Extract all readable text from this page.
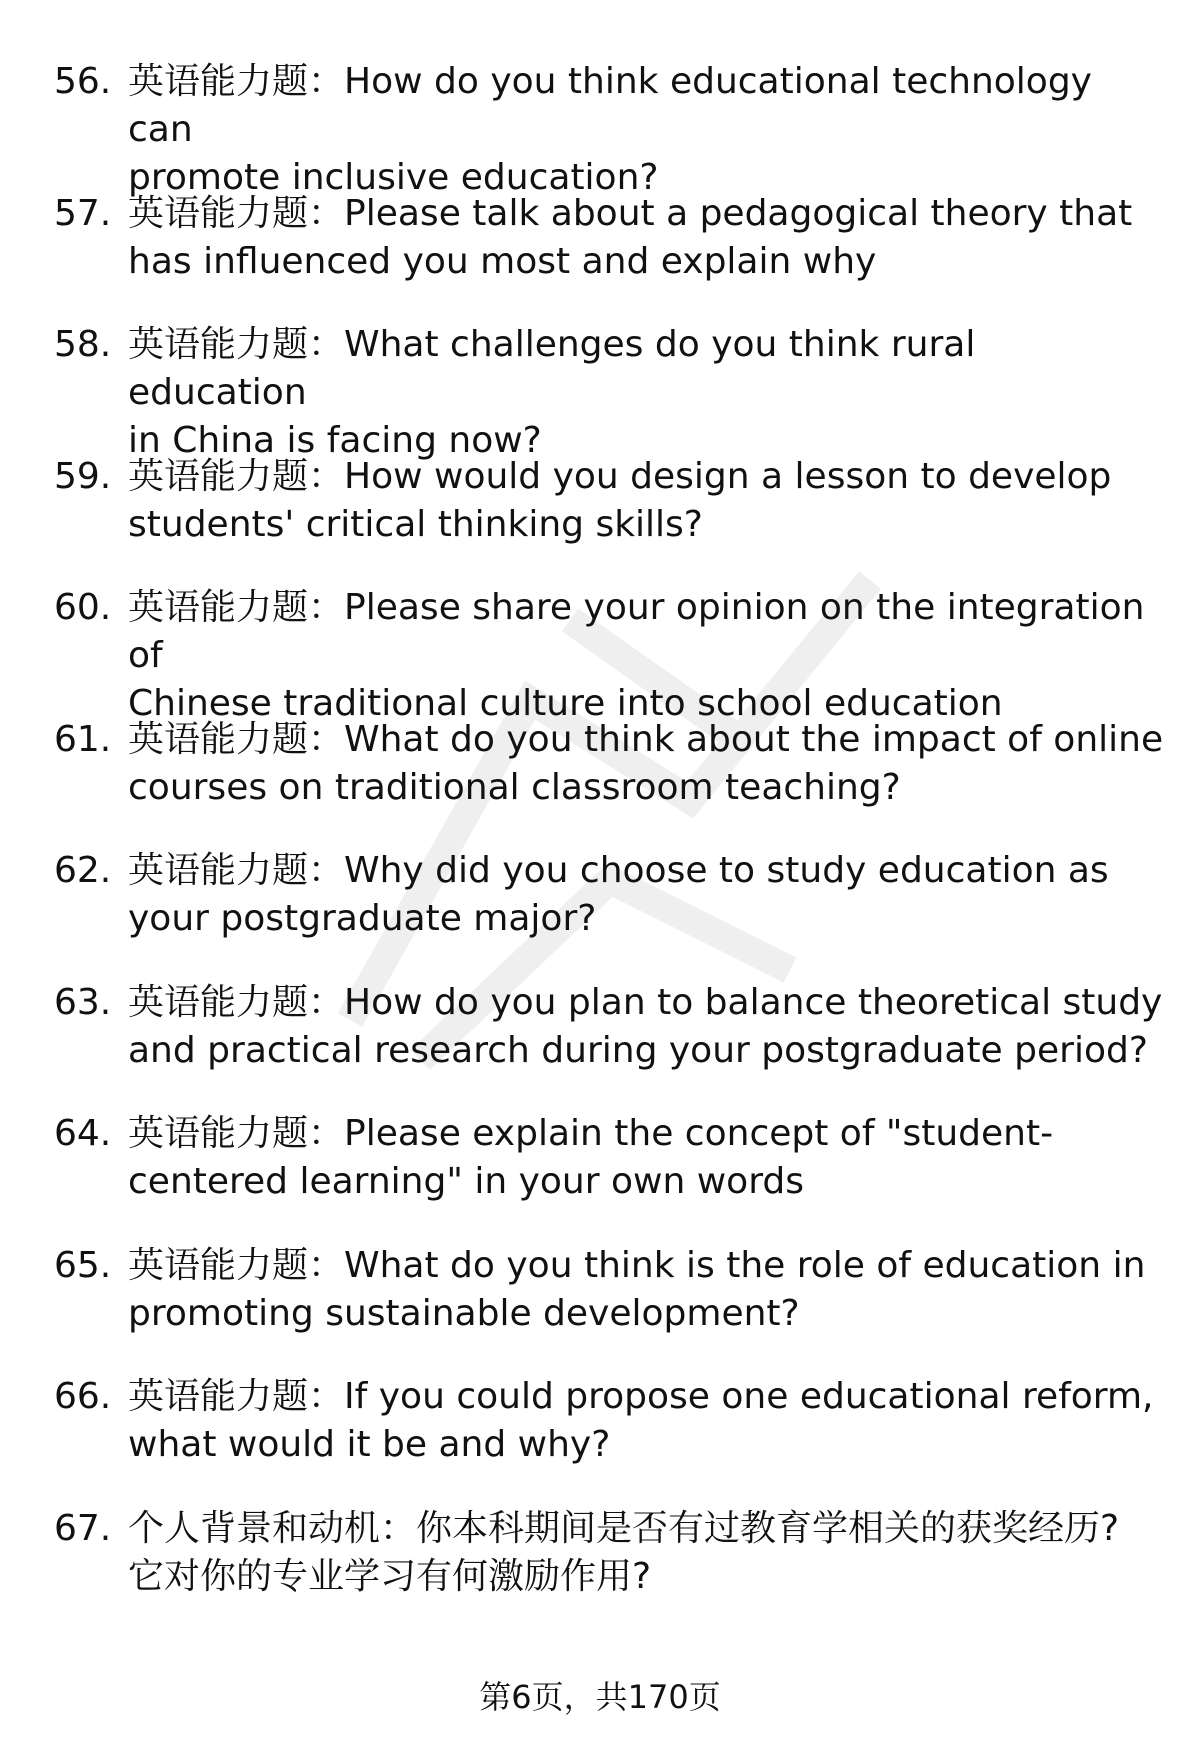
56. 英语能力题：How do you think educational technology can
promote inclusive education?
57. 英语能力题：Please talk about a pedagogical theory that
has influenced you most and explain why
58. 英语能力题：What challenges do you think rural education
in China is facing now?
59. 英语能力题：How would you design a lesson to develop
students' critical thinking skills?
60. 英语能力题：Please share your opinion on the integration of
Chinese traditional culture into school education
61. 英语能力题：What do you think about the impact of online
courses on traditional classroom teaching?
62. 英语能力题：Why did you choose to study education as
your postgraduate major?
63. 英语能力题：How do you plan to balance theoretical study
and practical research during your postgraduate period?
64. 英语能力题：Please explain the concept of "student-
centered learning" in your own words
65. 英语能力题：What do you think is the role of education in
promoting sustainable development?
66. 英语能力题：If you could propose one educational reform,
what would it be and why?
67. 个人背景和动机：你本科期间是否有过教育学相关的获奖经历?
它对你的专业学习有何激励作用?
第6页，共170页
